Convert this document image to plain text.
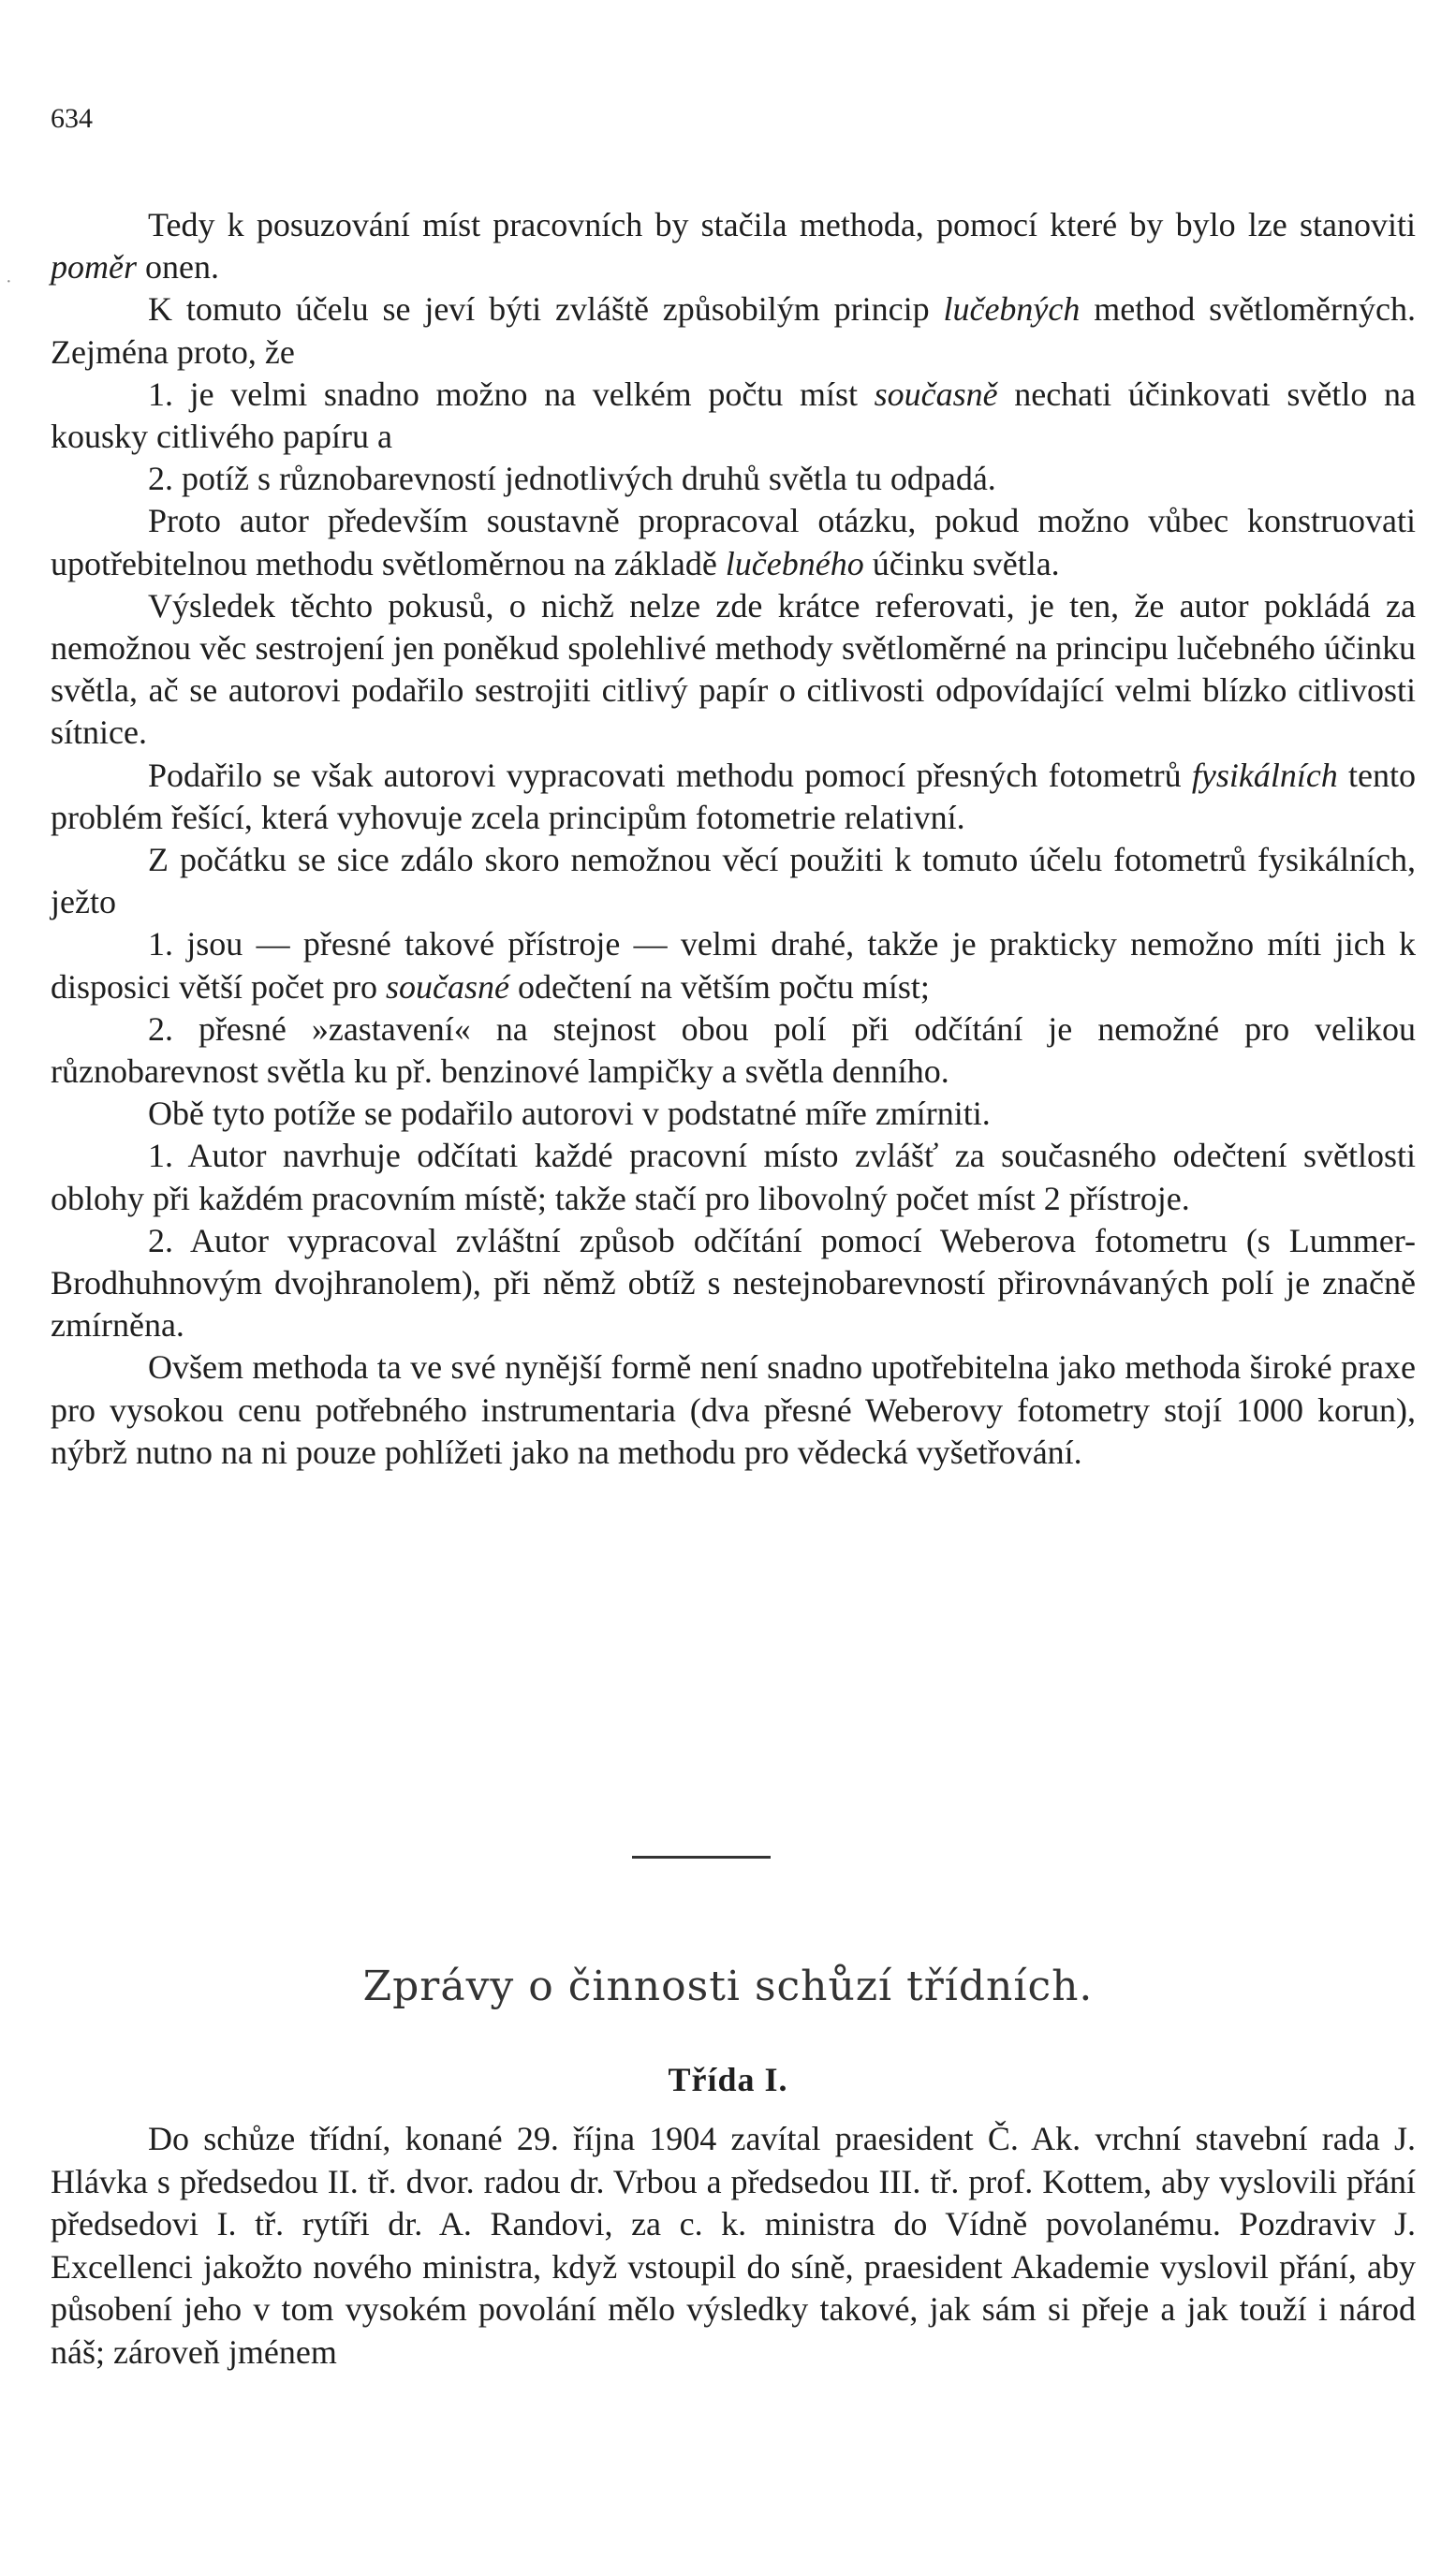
634
·

Tedy k posuzování míst pracovních by stačila methoda, pomocí které by bylo lze stanoviti poměr onen.

K tomuto účelu se jeví býti zvláště způsobilým princip lučebných method světloměrných. Zejména proto, že

1. je velmi snadno možno na velkém počtu míst současně nechati účinkovati světlo na kousky citlivého papíru a

2. potíž s různobarevností jednotlivých druhů světla tu odpadá.

Proto autor především soustavně propracoval otázku, pokud možno vůbec konstruovati upotřebitelnou methodu světloměrnou na základě lučebného účinku světla.

Výsledek těchto pokusů, o nichž nelze zde krátce referovati, je ten, že autor pokládá za nemožnou věc sestrojení jen poněkud spolehlivé methody světloměrné na principu lučebného účinku světla, ač se autorovi podařilo sestrojiti citlivý papír o citlivosti odpovídající velmi blízko citlivosti sítnice.

Podařilo se však autorovi vypracovati methodu pomocí přesných fotometrů fysikálních tento problém řešící, která vyhovuje zcela principům fotometrie relativní.

Z počátku se sice zdálo skoro nemožnou věcí použiti k tomuto účelu fotometrů fysikálních, ježto

1. jsou — přesné takové přístroje — velmi drahé, takže je prakticky nemožno míti jich k disposici větší počet pro současné odečtení na větším počtu míst;

2. přesné »zastavení« na stejnost obou polí při odčítání je nemožné pro velikou různobarevnost světla ku př. benzinové lampičky a světla denního.

Obě tyto potíže se podařilo autorovi v podstatné míře zmírniti.

1. Autor navrhuje odčítati každé pracovní místo zvlášť za současného odečtení světlosti oblohy při každém pracovním místě; takže stačí pro libovolný počet míst 2 přístroje.

2. Autor vypracoval zvláštní způsob odčítání pomocí Weberova fotometru (s Lummer-Brodhuhnovým dvojhranolem), při němž obtíž s nestejnobarevností přirovnávaných polí je značně zmírněna.

Ovšem methoda ta ve své nynější formě není snadno upotřebitelna jako methoda široké praxe pro vysokou cenu potřebného instrumentaria (dva přesné Weberovy fotometry stojí 1000 korun), nýbrž nutno na ni pouze pohlížeti jako na methodu pro vědecká vyšetřování.

Zprávy o činnosti schůzí třídních.
Třída I.

Do schůze třídní, konané 29. října 1904 zavítal praesident Č. Ak. vrchní stavební rada J. Hlávka s předsedou II. tř. dvor. radou dr. Vrbou a předsedou III. tř. prof. Kottem, aby vyslovili přání předsedovi I. tř. rytíři dr. A. Randovi, za c. k. ministra do Vídně povolanému. Pozdraviv J. Excellenci jakožto nového ministra, když vstoupil do síně, praesident Akademie vyslovil přání, aby působení jeho v tom vysokém povolání mělo výsledky takové, jak sám si přeje a jak touží i národ náš; zároveň jménem
